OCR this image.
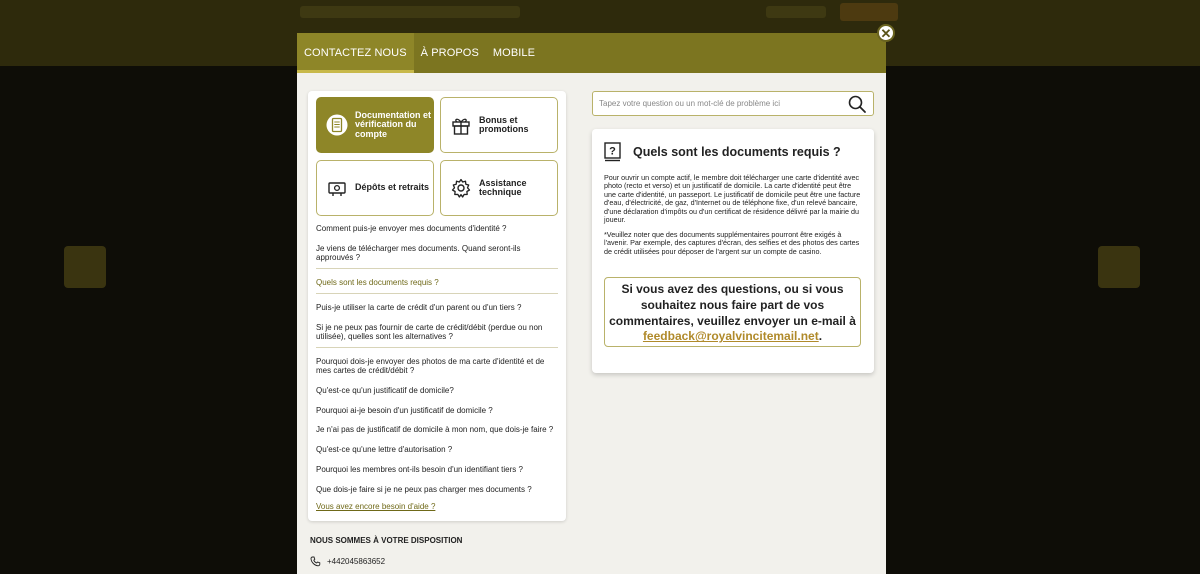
✕
CONTACTEZ NOUS	À PROPOS	MOBILE
Documentation et vérification du compte
Bonus et promotions
Dépôts et retraits	Assistance technique
Comment puis-je envoyer mes documents d'identité ?
Je viens de télécharger mes documents. Quand seront-ils approuvés ?
Quels sont les documents requis ?
Puis-je utiliser la carte de crédit d'un parent ou d'un tiers ?
Si je ne peux pas fournir de carte de crédit/débit (perdue ou non utilisée), quelles sont les alternatives ?
Pourquoi dois-je envoyer des photos de ma carte d'identité et de mes cartes de crédit/débit ?
Qu'est-ce qu'un justificatif de domicile?
Pourquoi ai-je besoin d'un justificatif de domicile ?
Je n'ai pas de justificatif de domicile à mon nom, que dois-je faire ?
Qu'est-ce qu'une lettre d'autorisation ?
Pourquoi les membres ont-ils besoin d'un identifiant tiers ?
Que dois-je faire si je ne peux pas charger mes documents ?
Vous avez encore besoin d'aide ?
NOUS SOMMES À VOTRE DISPOSITION
+442045863652
Tapez votre question ou un mot-clé de problème ici
? Quels sont les documents requis ?
Pour ouvrir un compte actif, le membre doit télécharger une carte d'identité avec photo (recto et verso) et un justificatif de domicile. La carte d'identité peut être une carte d'identité, un passeport. Le justificatif de domicile peut être une facture d'eau, d'électricité, de gaz, d'Internet ou de téléphone fixe, d'un relevé bancaire, d'une déclaration d'impôts ou d'un certificat de résidence délivré par la mairie du joueur.
*Veuillez noter que des documents supplémentaires pourront être exigés à l'avenir. Par exemple, des captures d'écran, des selfies et des photos des cartes de crédit utilisées pour déposer de l'argent sur un compte de casino.
Si vous avez des questions, ou si vous souhaitez nous faire part de vos commentaires, veuillez envoyer un e-mail à feedback@royalvincitemail.net.
